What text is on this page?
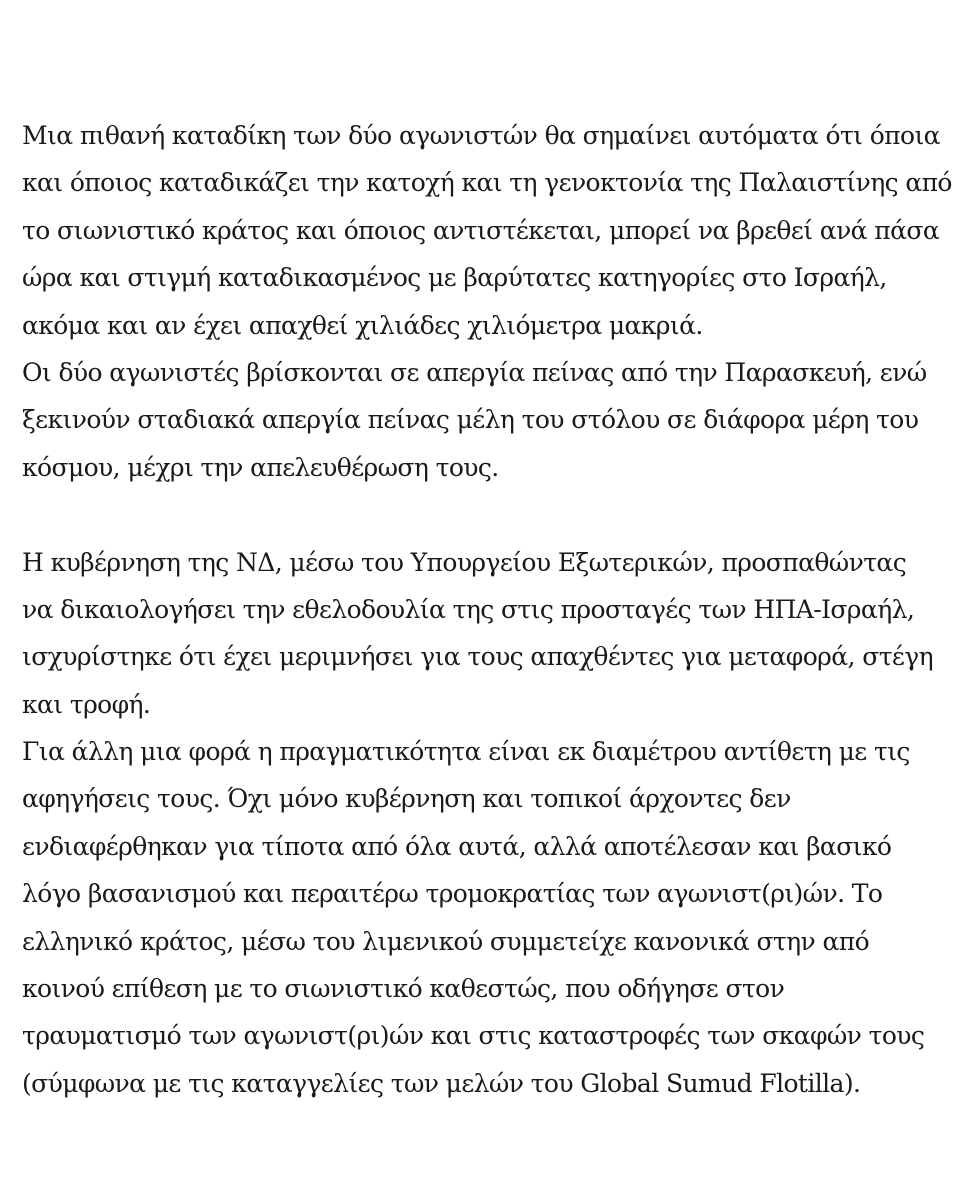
Μια πιθανή καταδίκη των δύο αγωνιστών θα σημαίνει αυτόματα ότι όποια
και όποιος καταδικάζει την κατοχή και τη γενοκτονία της Παλαιστίνης από
το σιωνιστικό κράτος και όποιος αντιστέκεται, μπορεί να βρεθεί ανά πάσα
ώρα και στιγμή καταδικασμένος με βαρύτατες κατηγορίες στο Ισραήλ,
ακόμα και αν έχει απαχθεί χιλιάδες χιλιόμετρα μακριά.
Οι δύο αγωνιστές βρίσκονται σε απεργία πείνας από την Παρασκευή, ενώ
ξεκινούν σταδιακά απεργία πείνας μέλη του στόλου σε διάφορα μέρη του
κόσμου, μέχρι την απελευθέρωση τους.
Η κυβέρνηση της ΝΔ, μέσω του Υπουργείου Εξωτερικών, προσπαθώντας
να δικαιολογήσει την εθελοδουλία της στις προσταγές των ΗΠΑ-Ισραήλ,
ισχυρίστηκε ότι έχει μεριμνήσει για τους απαχθέντες για μεταφορά, στέγη
και τροφή.
Για άλλη μια φορά η πραγματικότητα είναι εκ διαμέτρου αντίθετη με τις
αφηγήσεις τους. Όχι μόνο κυβέρνηση και τοπικοί άρχοντες δεν
ενδιαφέρθηκαν για τίποτα από όλα αυτά, αλλά αποτέλεσαν και βασικό
λόγο βασανισμού και περαιτέρω τρομοκρατίας των αγωνιστ(ρι)ών. Το
ελληνικό κράτος, μέσω του λιμενικού συμμετείχε κανονικά στην από
κοινού επίθεση με το σιωνιστικό καθεστώς, που οδήγησε στον
τραυματισμό των αγωνιστ(ρι)ών και στις καταστροφές των σκαφών τους
(σύμφωνα με τις καταγγελίες των μελών του Global Sumud Flotilla).
